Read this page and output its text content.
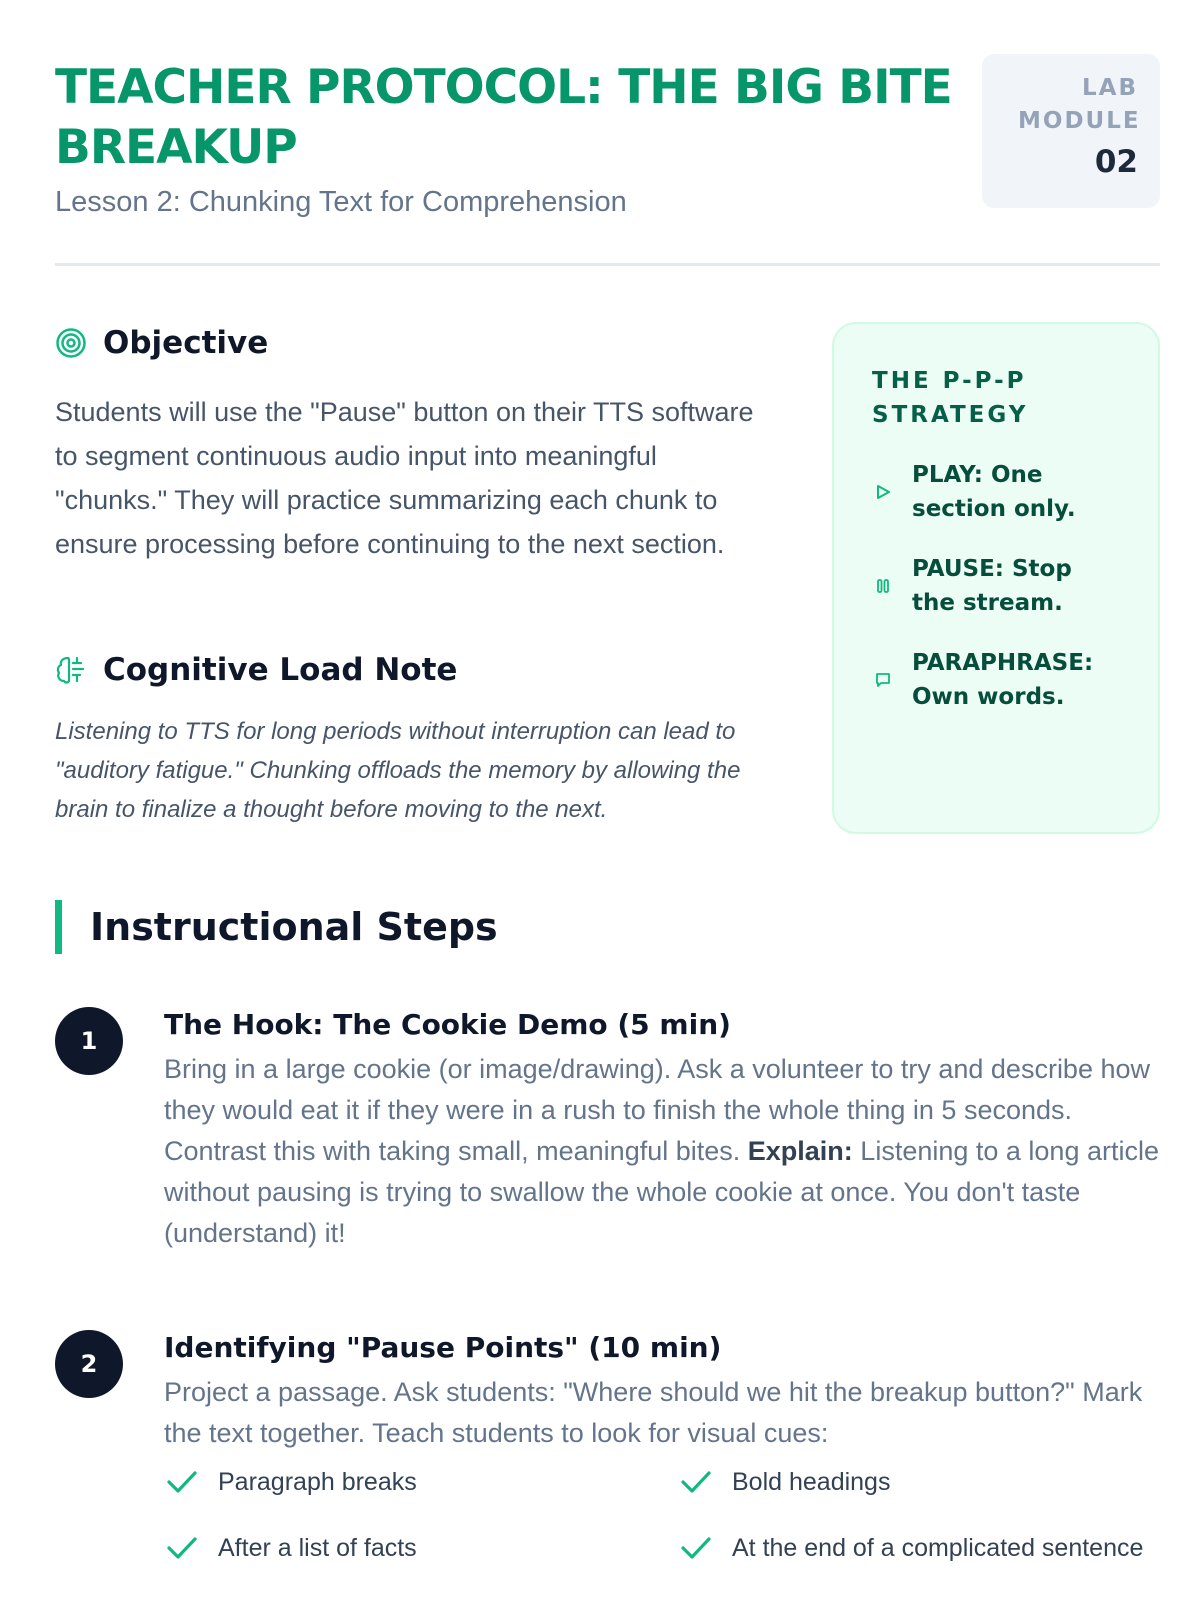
TEACHER PROTOCOL: THE BIG BITE BREAKUP
Lesson 2: Chunking Text for Comprehension
LAB MODULE
02
Objective
Students will use the "Pause" button on their TTS software to segment continuous audio input into meaningful "chunks." They will practice summarizing each chunk to ensure processing before continuing to the next section.
Cognitive Load Note
Listening to TTS for long periods without interruption can lead to "auditory fatigue." Chunking offloads the memory by allowing the brain to finalize a thought before moving to the next.
THE P-P-P STRATEGY
PLAY: One section only.
PAUSE: Stop the stream.
PARAPHRASE: Own words.
Instructional Steps
1	The Hook: The Cookie Demo (5 min)

Bring in a large cookie (or image/drawing). Ask a volunteer to try and describe how they would eat it if they were in a rush to finish the whole thing in 5 seconds. Contrast this with taking small, meaningful bites. Explain: Listening to a long article without pausing is trying to swallow the whole cookie at once. You don't taste (understand) it!

2	Identifying "Pause Points" (10 min)

Project a passage. Ask students: "Where should we hit the breakup button?" Mark the text together. Teach students to look for visual cues:

Paragraph breaks	Bold headings
After a list of facts	At the end of a complicated sentence
